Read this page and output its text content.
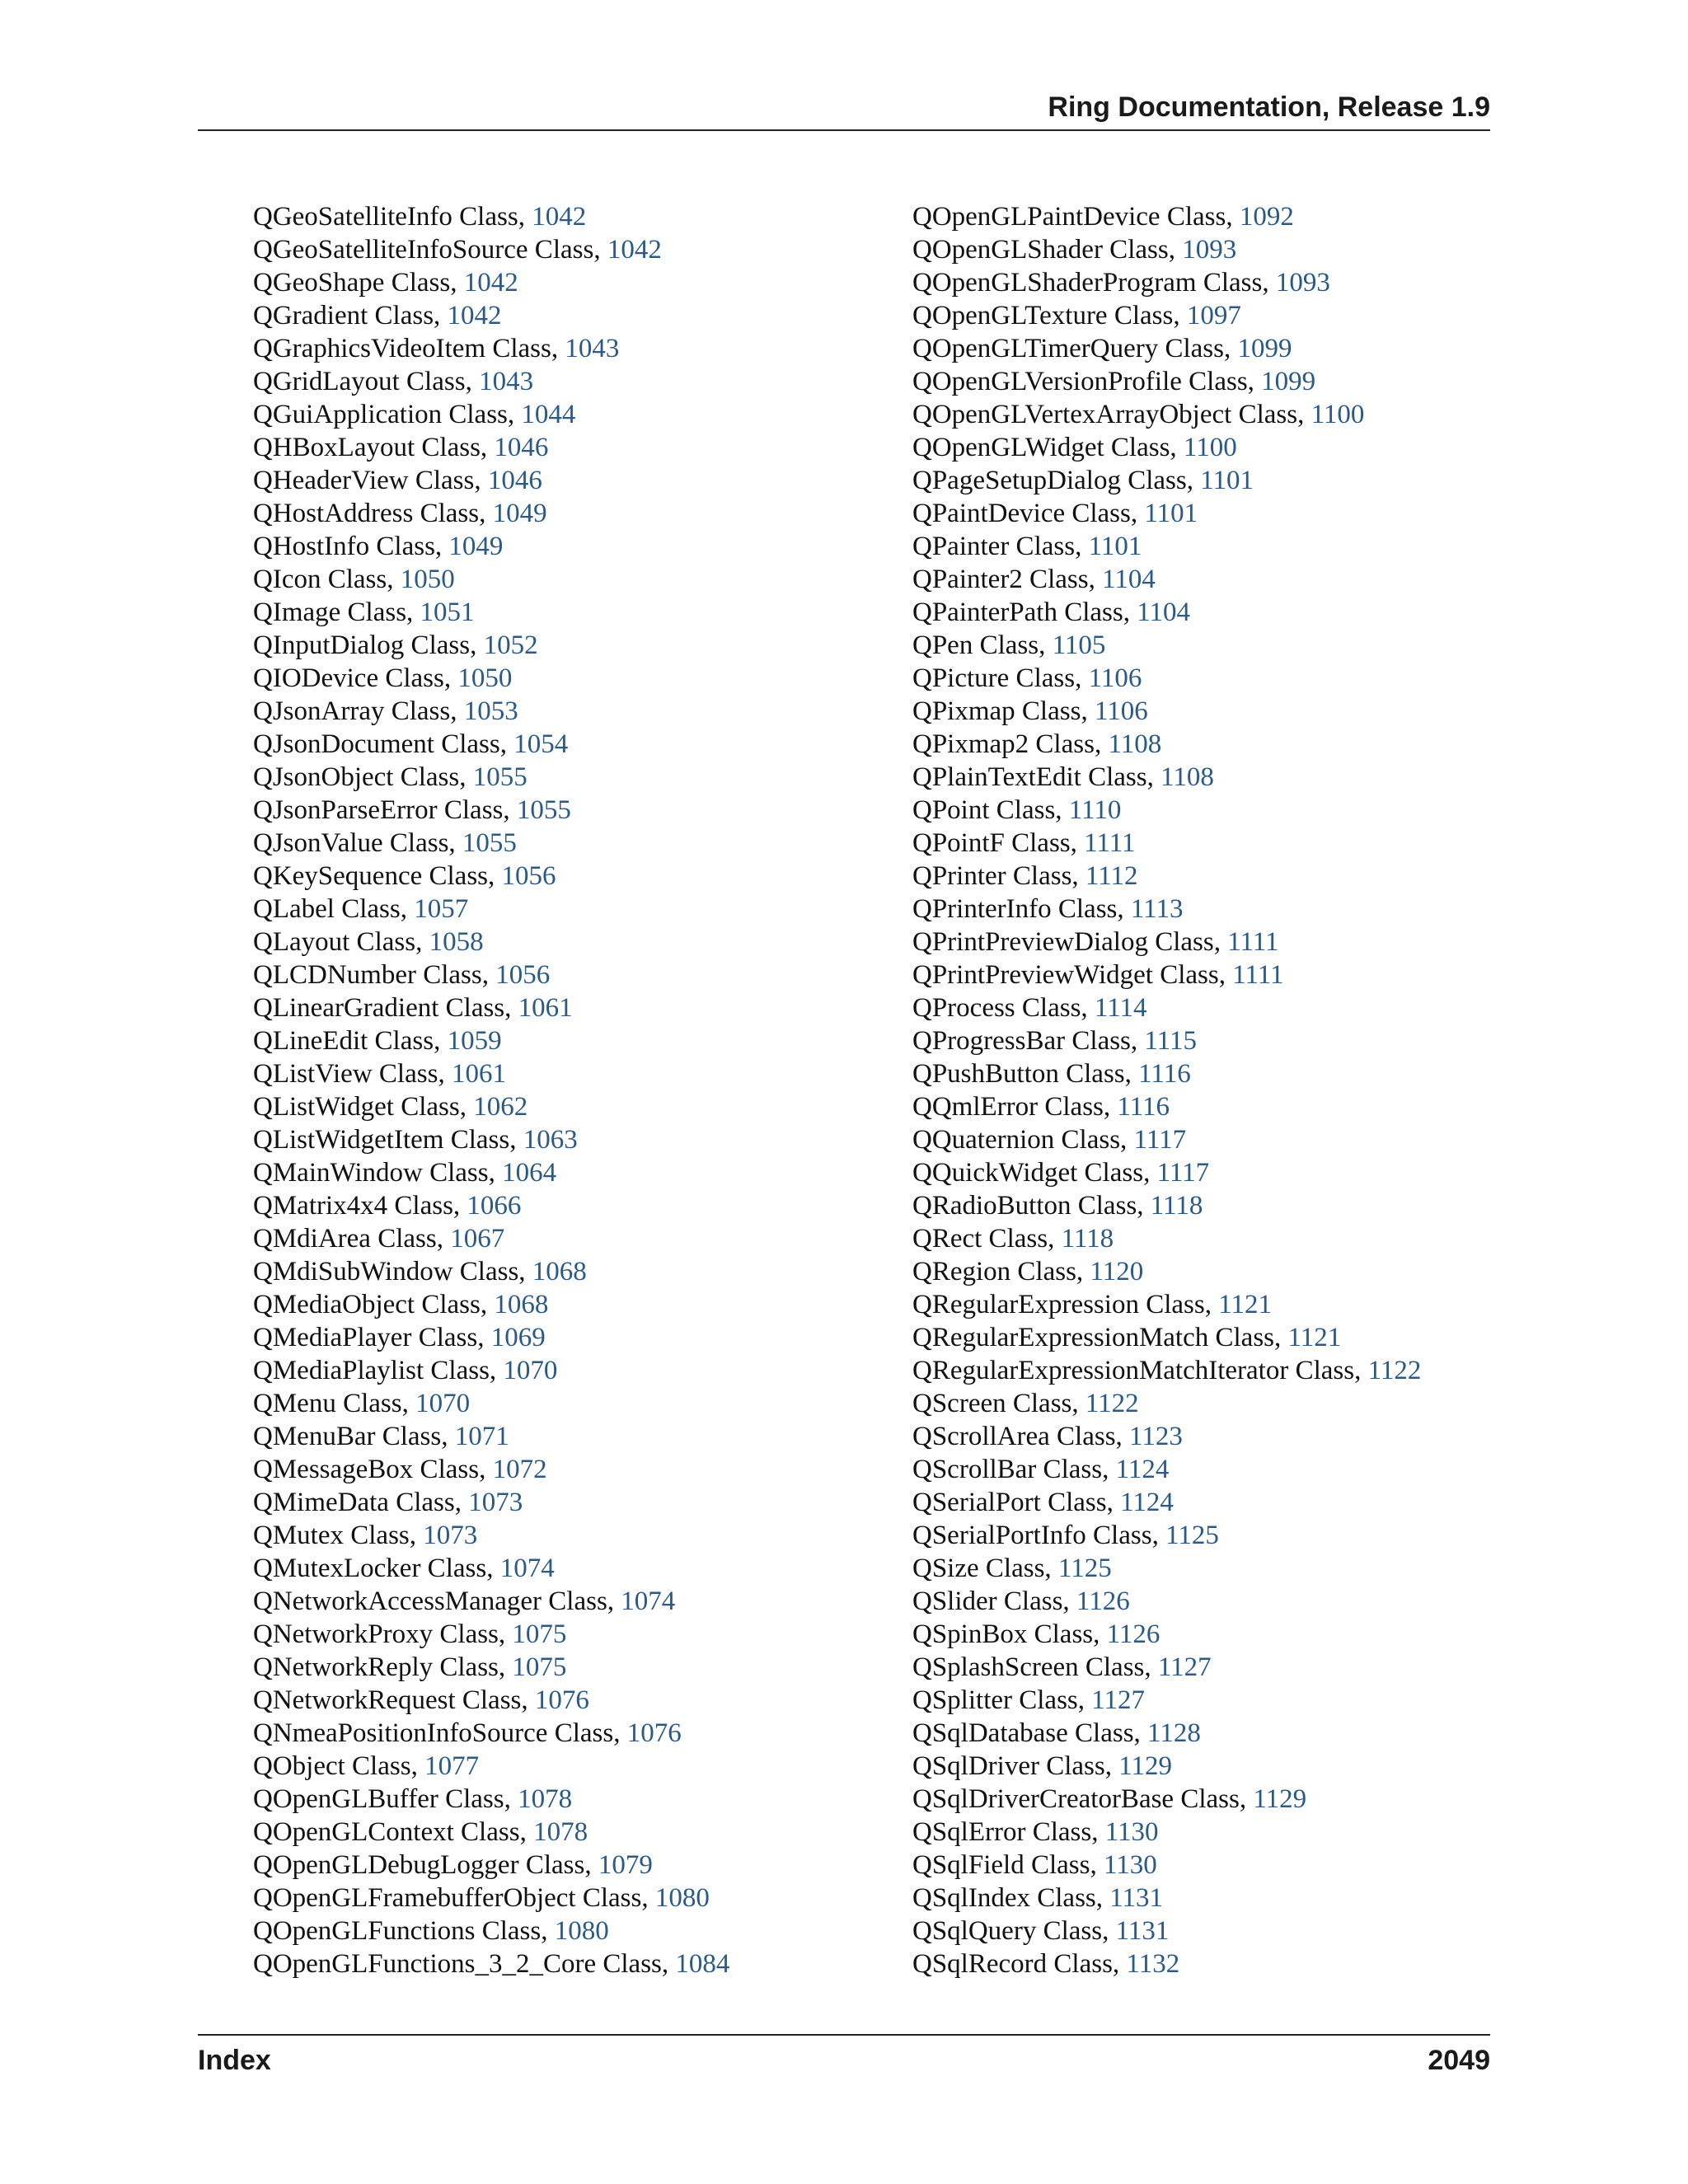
Ring Documentation, Release 1.9
QGeoSatelliteInfo Class, 1042
QGeoSatelliteInfoSource Class, 1042
QGeoShape Class, 1042
QGradient Class, 1042
QGraphicsVideoItem Class, 1043
QGridLayout Class, 1043
QGuiApplication Class, 1044
QHBoxLayout Class, 1046
QHeaderView Class, 1046
QHostAddress Class, 1049
QHostInfo Class, 1049
QIcon Class, 1050
QImage Class, 1051
QInputDialog Class, 1052
QIODevice Class, 1050
QJsonArray Class, 1053
QJsonDocument Class, 1054
QJsonObject Class, 1055
QJsonParseError Class, 1055
QJsonValue Class, 1055
QKeySequence Class, 1056
QLabel Class, 1057
QLayout Class, 1058
QLCDNumber Class, 1056
QLinearGradient Class, 1061
QLineEdit Class, 1059
QListView Class, 1061
QListWidget Class, 1062
QListWidgetItem Class, 1063
QMainWindow Class, 1064
QMatrix4x4 Class, 1066
QMdiArea Class, 1067
QMdiSubWindow Class, 1068
QMediaObject Class, 1068
QMediaPlayer Class, 1069
QMediaPlaylist Class, 1070
QMenu Class, 1070
QMenuBar Class, 1071
QMessageBox Class, 1072
QMimeData Class, 1073
QMutex Class, 1073
QMutexLocker Class, 1074
QNetworkAccessManager Class, 1074
QNetworkProxy Class, 1075
QNetworkReply Class, 1075
QNetworkRequest Class, 1076
QNmeaPositionInfoSource Class, 1076
QObject Class, 1077
QOpenGLBuffer Class, 1078
QOpenGLContext Class, 1078
QOpenGLDebugLogger Class, 1079
QOpenGLFramebufferObject Class, 1080
QOpenGLFunctions Class, 1080
QOpenGLFunctions_3_2_Core Class, 1084
QOpenGLPaintDevice Class, 1092
QOpenGLShader Class, 1093
QOpenGLShaderProgram Class, 1093
QOpenGLTexture Class, 1097
QOpenGLTimerQuery Class, 1099
QOpenGLVersionProfile Class, 1099
QOpenGLVertexArrayObject Class, 1100
QOpenGLWidget Class, 1100
QPageSetupDialog Class, 1101
QPaintDevice Class, 1101
QPainter Class, 1101
QPainter2 Class, 1104
QPainterPath Class, 1104
QPen Class, 1105
QPicture Class, 1106
QPixmap Class, 1106
QPixmap2 Class, 1108
QPlainTextEdit Class, 1108
QPoint Class, 1110
QPointF Class, 1111
QPrinter Class, 1112
QPrinterInfo Class, 1113
QPrintPreviewDialog Class, 1111
QPrintPreviewWidget Class, 1111
QProcess Class, 1114
QProgressBar Class, 1115
QPushButton Class, 1116
QQmlError Class, 1116
QQuaternion Class, 1117
QQuickWidget Class, 1117
QRadioButton Class, 1118
QRect Class, 1118
QRegion Class, 1120
QRegularExpression Class, 1121
QRegularExpressionMatch Class, 1121
QRegularExpressionMatchIterator Class, 1122
QScreen Class, 1122
QScrollArea Class, 1123
QScrollBar Class, 1124
QSerialPort Class, 1124
QSerialPortInfo Class, 1125
QSize Class, 1125
QSlider Class, 1126
QSpinBox Class, 1126
QSplashScreen Class, 1127
QSplitter Class, 1127
QSqlDatabase Class, 1128
QSqlDriver Class, 1129
QSqlDriverCreatorBase Class, 1129
QSqlError Class, 1130
QSqlField Class, 1130
QSqlIndex Class, 1131
QSqlQuery Class, 1131
QSqlRecord Class, 1132
Index	2049
